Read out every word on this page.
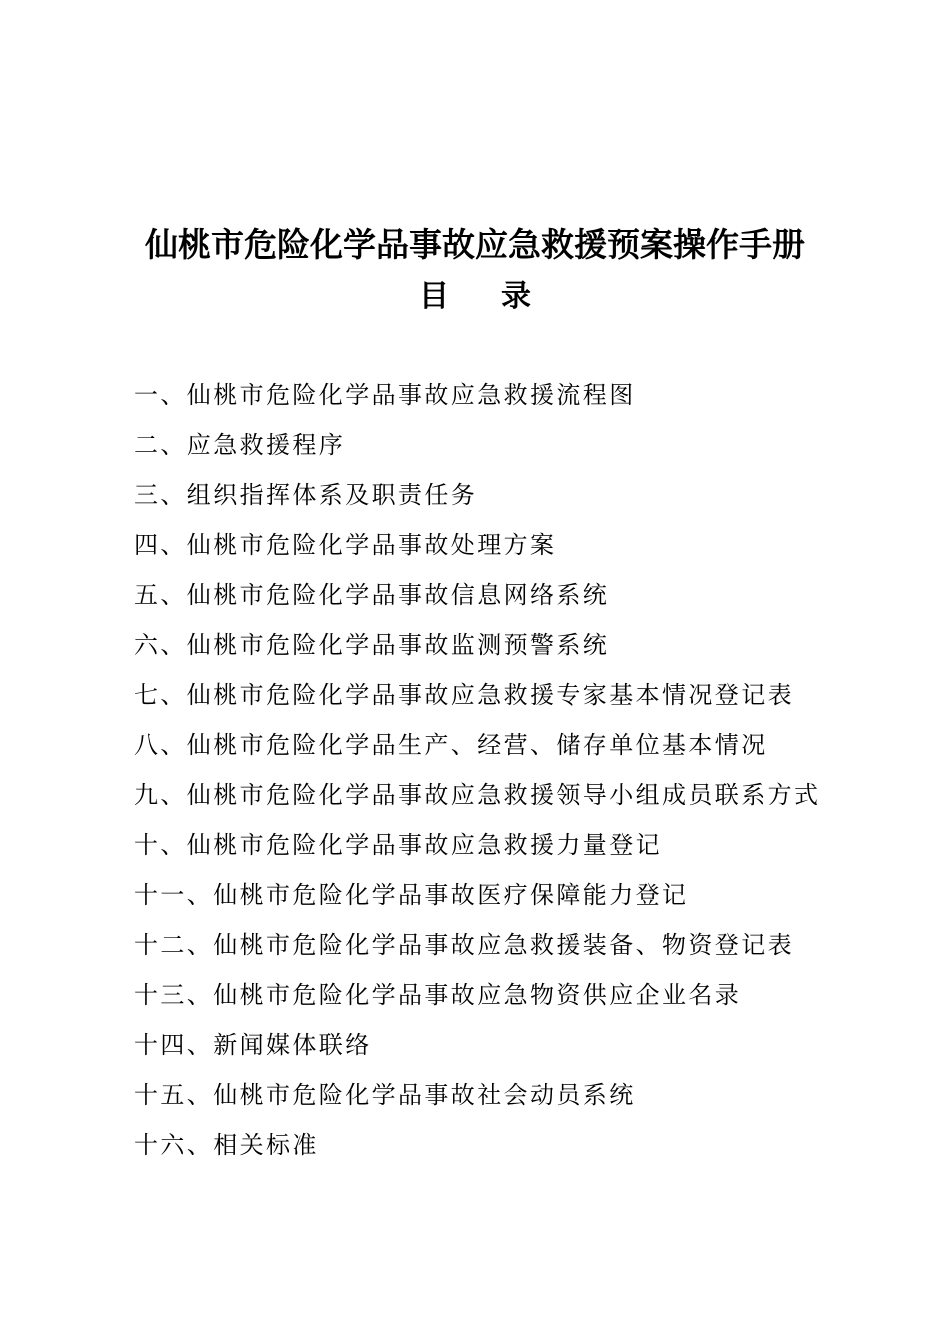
仙桃市危险化学品事故应急救援预案操作手册
目 录
一、仙桃市危险化学品事故应急救援流程图
二、应急救援程序
三、组织指挥体系及职责任务
四、仙桃市危险化学品事故处理方案
五、仙桃市危险化学品事故信息网络系统
六、仙桃市危险化学品事故监测预警系统
七、仙桃市危险化学品事故应急救援专家基本情况登记表
八、仙桃市危险化学品生产、经营、储存单位基本情况
九、仙桃市危险化学品事故应急救援领导小组成员联系方式
十、仙桃市危险化学品事故应急救援力量登记
十一、仙桃市危险化学品事故医疗保障能力登记
十二、仙桃市危险化学品事故应急救援装备、物资登记表
十三、仙桃市危险化学品事故应急物资供应企业名录
十四、新闻媒体联络
十五、仙桃市危险化学品事故社会动员系统
十六、相关标准
